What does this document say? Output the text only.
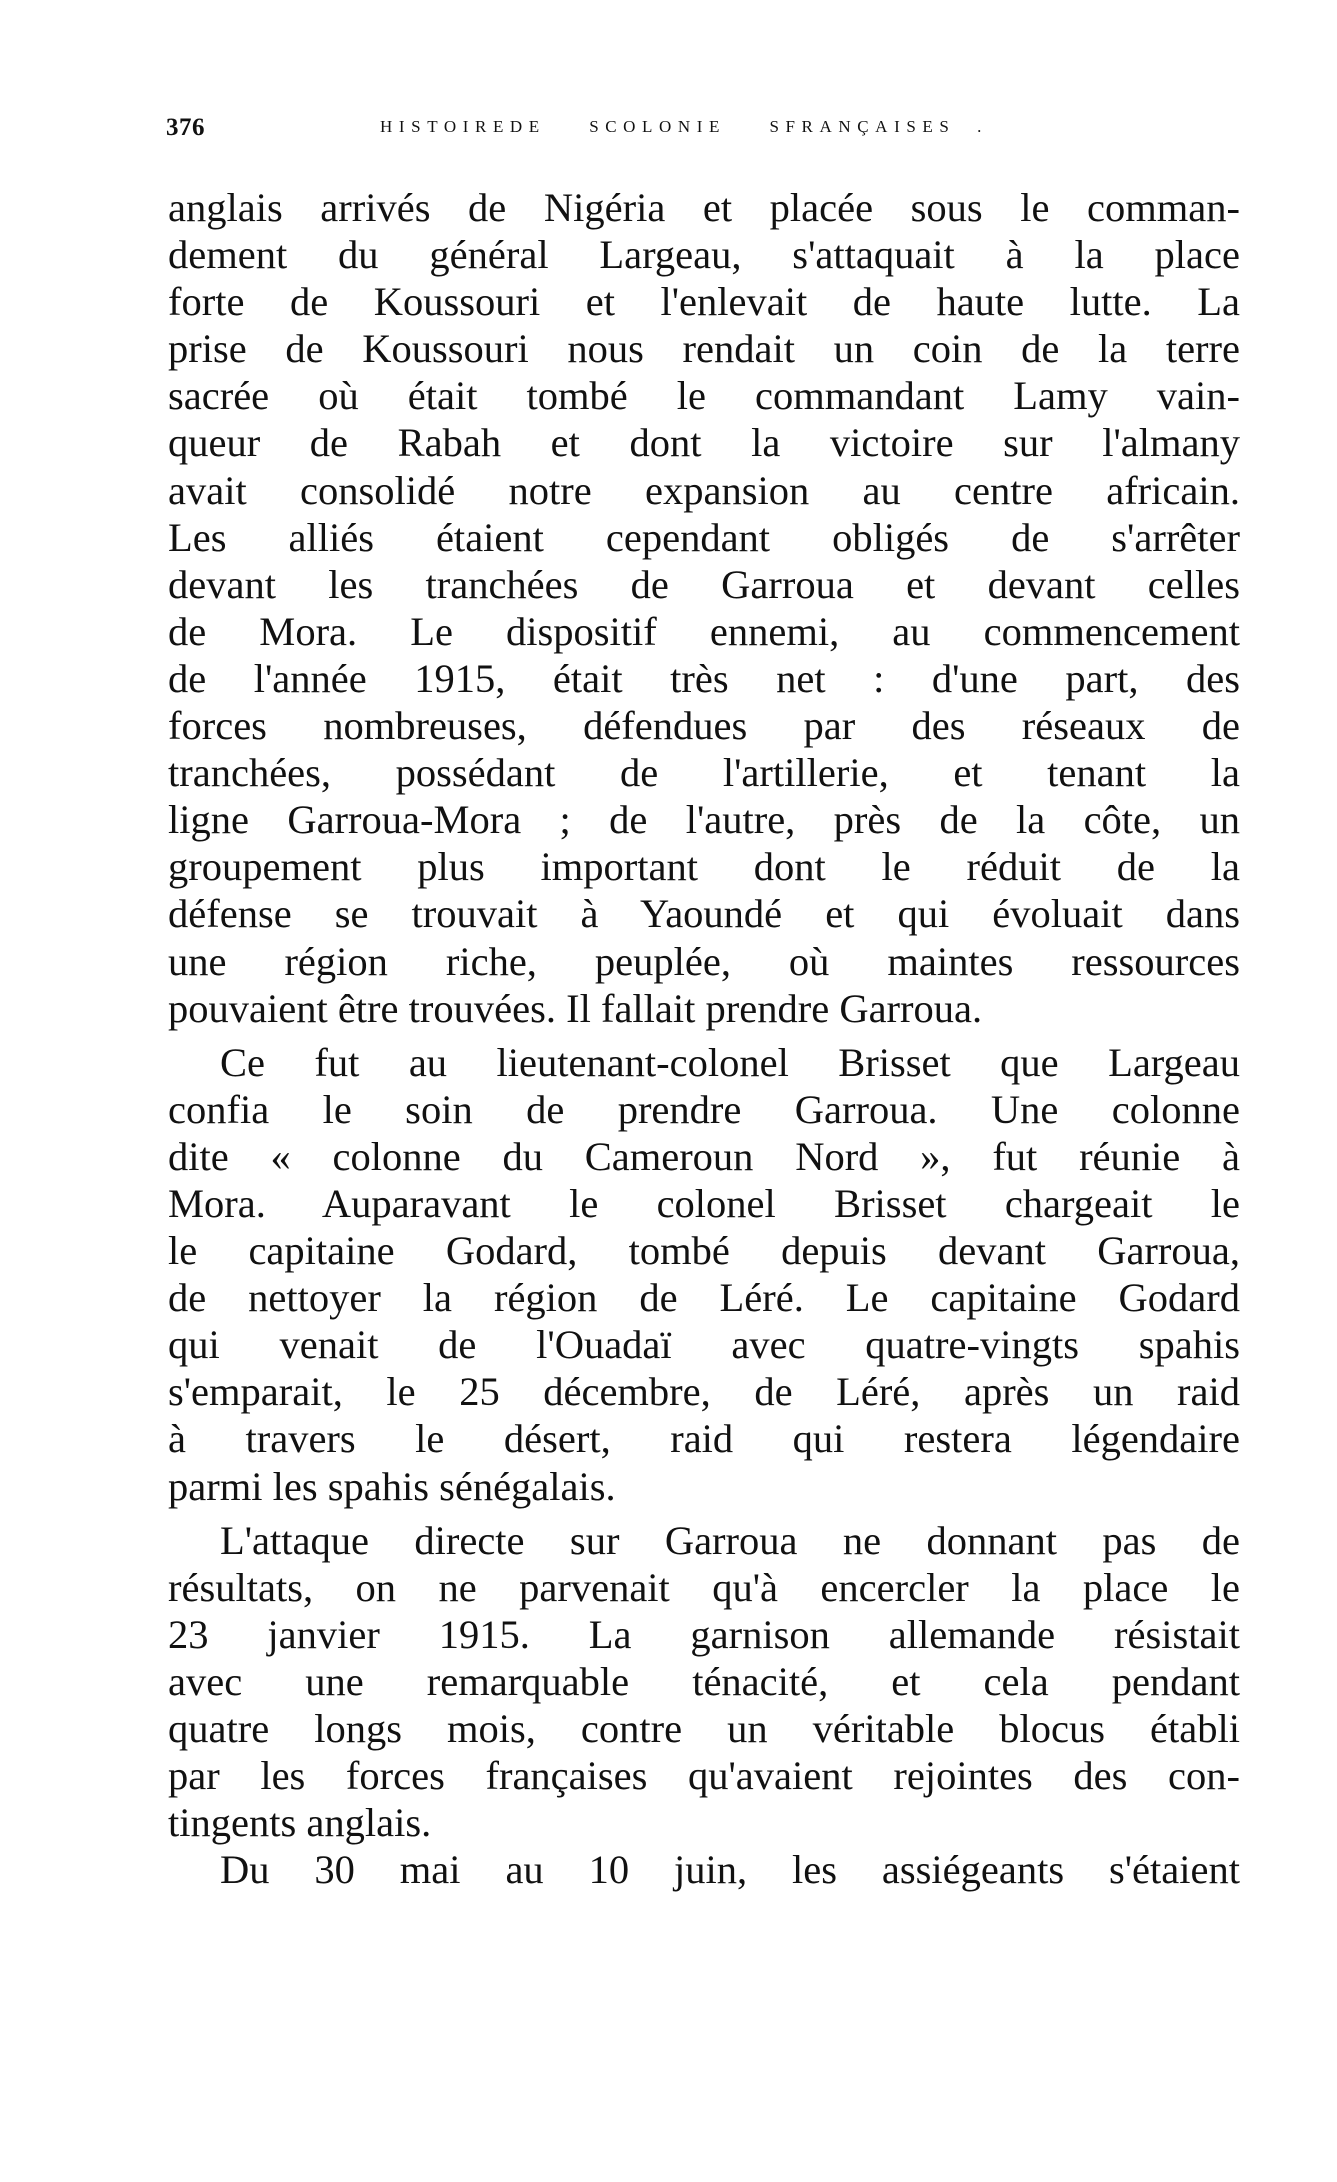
376	HISTOIREDE    SCOLONIE    SFRANÇAISES  .
anglais arrivés de Nigéria et placée sous le comman-
dement du général Largeau, s'attaquait à la place
forte de Koussouri et l'enlevait de haute lutte. La
prise de Koussouri nous rendait un coin de la terre
sacrée où était tombé le commandant Lamy vain-
queur de Rabah et dont la victoire sur l'almany
avait consolidé notre expansion au centre africain.
Les alliés étaient cependant obligés de s'arrêter
devant les tranchées de Garroua et devant celles
de Mora. Le dispositif ennemi, au commencement
de l'année 1915, était très net : d'une part, des
forces nombreuses, défendues par des réseaux de
tranchées, possédant de l'artillerie, et tenant la
ligne Garroua-Mora ; de l'autre, près de la côte, un
groupement plus important dont le réduit de la
défense se trouvait à Yaoundé et qui évoluait dans
une région riche, peuplée, où maintes ressources
pouvaient être trouvées. Il fallait prendre Garroua.
Ce fut au lieutenant-colonel Brisset que Largeau
confia le soin de prendre Garroua. Une colonne
dite « colonne du Cameroun Nord », fut réunie à
Mora. Auparavant le colonel Brisset chargeait le
le capitaine Godard, tombé depuis devant Garroua,
de nettoyer la région de Léré. Le capitaine Godard
qui venait de l'Ouadaï avec quatre-vingts spahis
s'emparait, le 25 décembre, de Léré, après un raid
à travers le désert, raid qui restera légendaire
parmi les spahis sénégalais.
L'attaque directe sur Garroua ne donnant pas de
résultats, on ne parvenait qu'à encercler la place le
23 janvier 1915. La garnison allemande résistait
avec une remarquable ténacité, et cela pendant
quatre longs mois, contre un véritable blocus établi
par les forces françaises qu'avaient rejointes des con-
tingents anglais.
Du 30 mai au 10 juin, les assiégeants s'étaient
